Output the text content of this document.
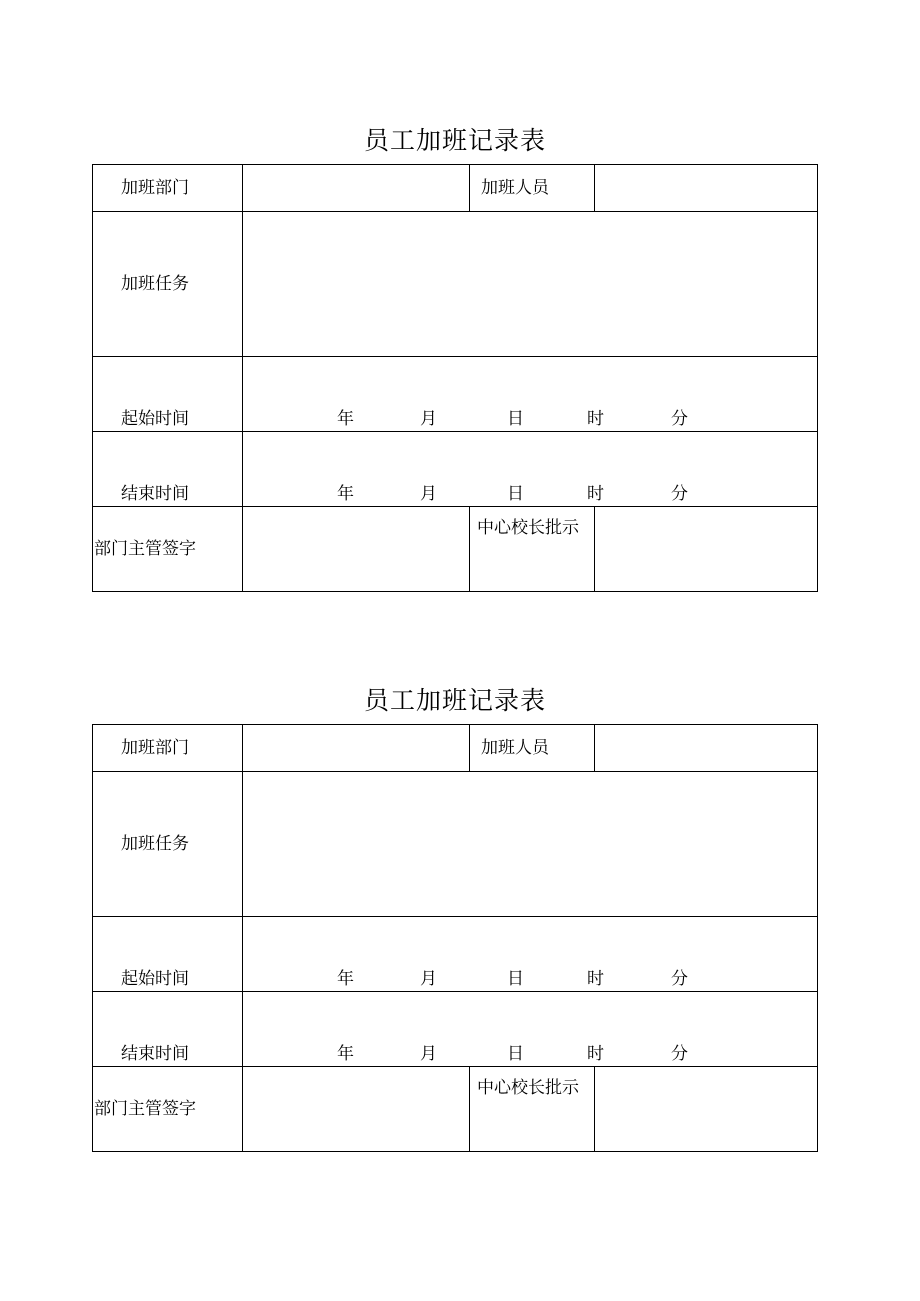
员工加班记录表
加班部门		加班人员	
加班任务			
起始时间	年 月 日 时 分		

结束时间	年 月 日 时 分		

部门主管签字		中心校长批示	
员工加班记录表
加班部门		加班人员	
加班任务			
起始时间	年 月 日 时 分		

结束时间	年 月 日 时 分		

部门主管签字		中心校长批示	
